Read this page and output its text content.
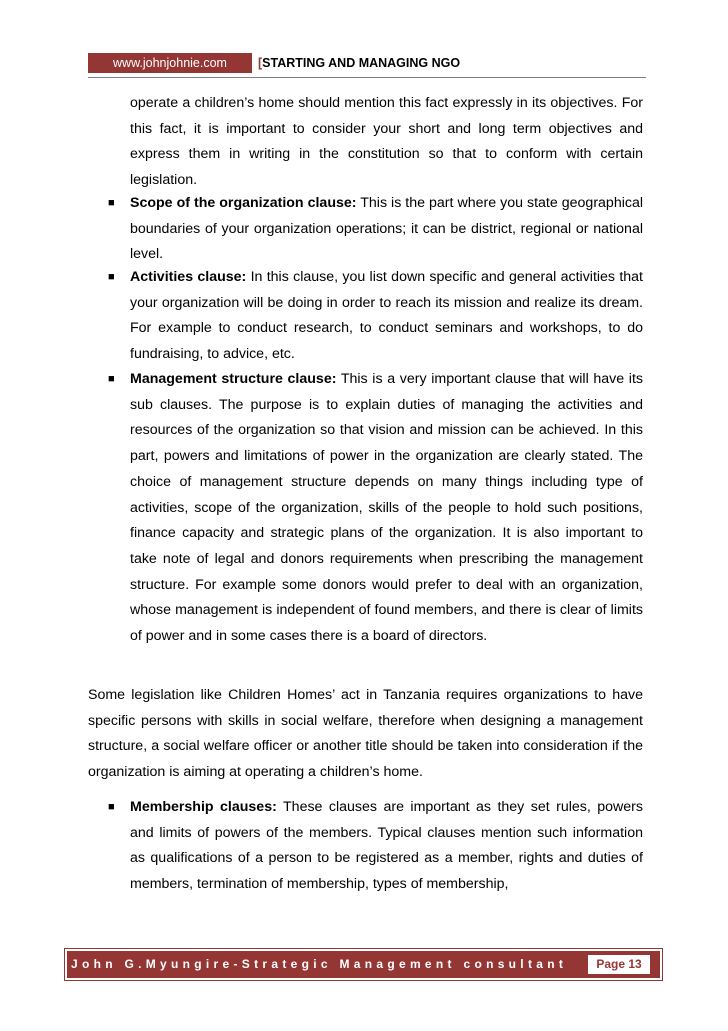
www.johnjohnie.com	[STARTING AND MANAGING NGO
operate a children’s home should mention this fact expressly in its objectives. For this fact, it is important to consider your short and long term objectives and express them in writing in the constitution so that to conform with certain legislation.
■ Scope of the organization clause: This is the part where you state geographical boundaries of your organization operations; it can be district, regional or national level.
■ Activities clause: In this clause, you list down specific and general activities that your organization will be doing in order to reach its mission and realize its dream. For example to conduct research, to conduct seminars and workshops, to do fundraising, to advice, etc.
■ Management structure clause: This is a very important clause that will have its sub clauses. The purpose is to explain duties of managing the activities and resources of the organization so that vision and mission can be achieved. In this part, powers and limitations of power in the organization are clearly stated. The choice of management structure depends on many things including type of activities, scope of the organization, skills of the people to hold such positions, finance capacity and strategic plans of the organization. It is also important to take note of legal and donors requirements when prescribing the management structure. For example some donors would prefer to deal with an organization, whose management is independent of found members, and there is clear of limits of power and in some cases there is a board of directors.
Some legislation like Children Homes’ act in Tanzania requires organizations to have specific persons with skills in social welfare, therefore when designing a management structure, a social welfare officer or another title should be taken into consideration if the organization is aiming at operating a children’s home.
■ Membership clauses: These clauses are important as they set rules, powers and limits of powers of the members. Typical clauses mention such information as qualifications of a person to be registered as a member, rights and duties of members, termination of membership, types of membership,
John G.Myungire-Strategic Management consultant	Page 13
